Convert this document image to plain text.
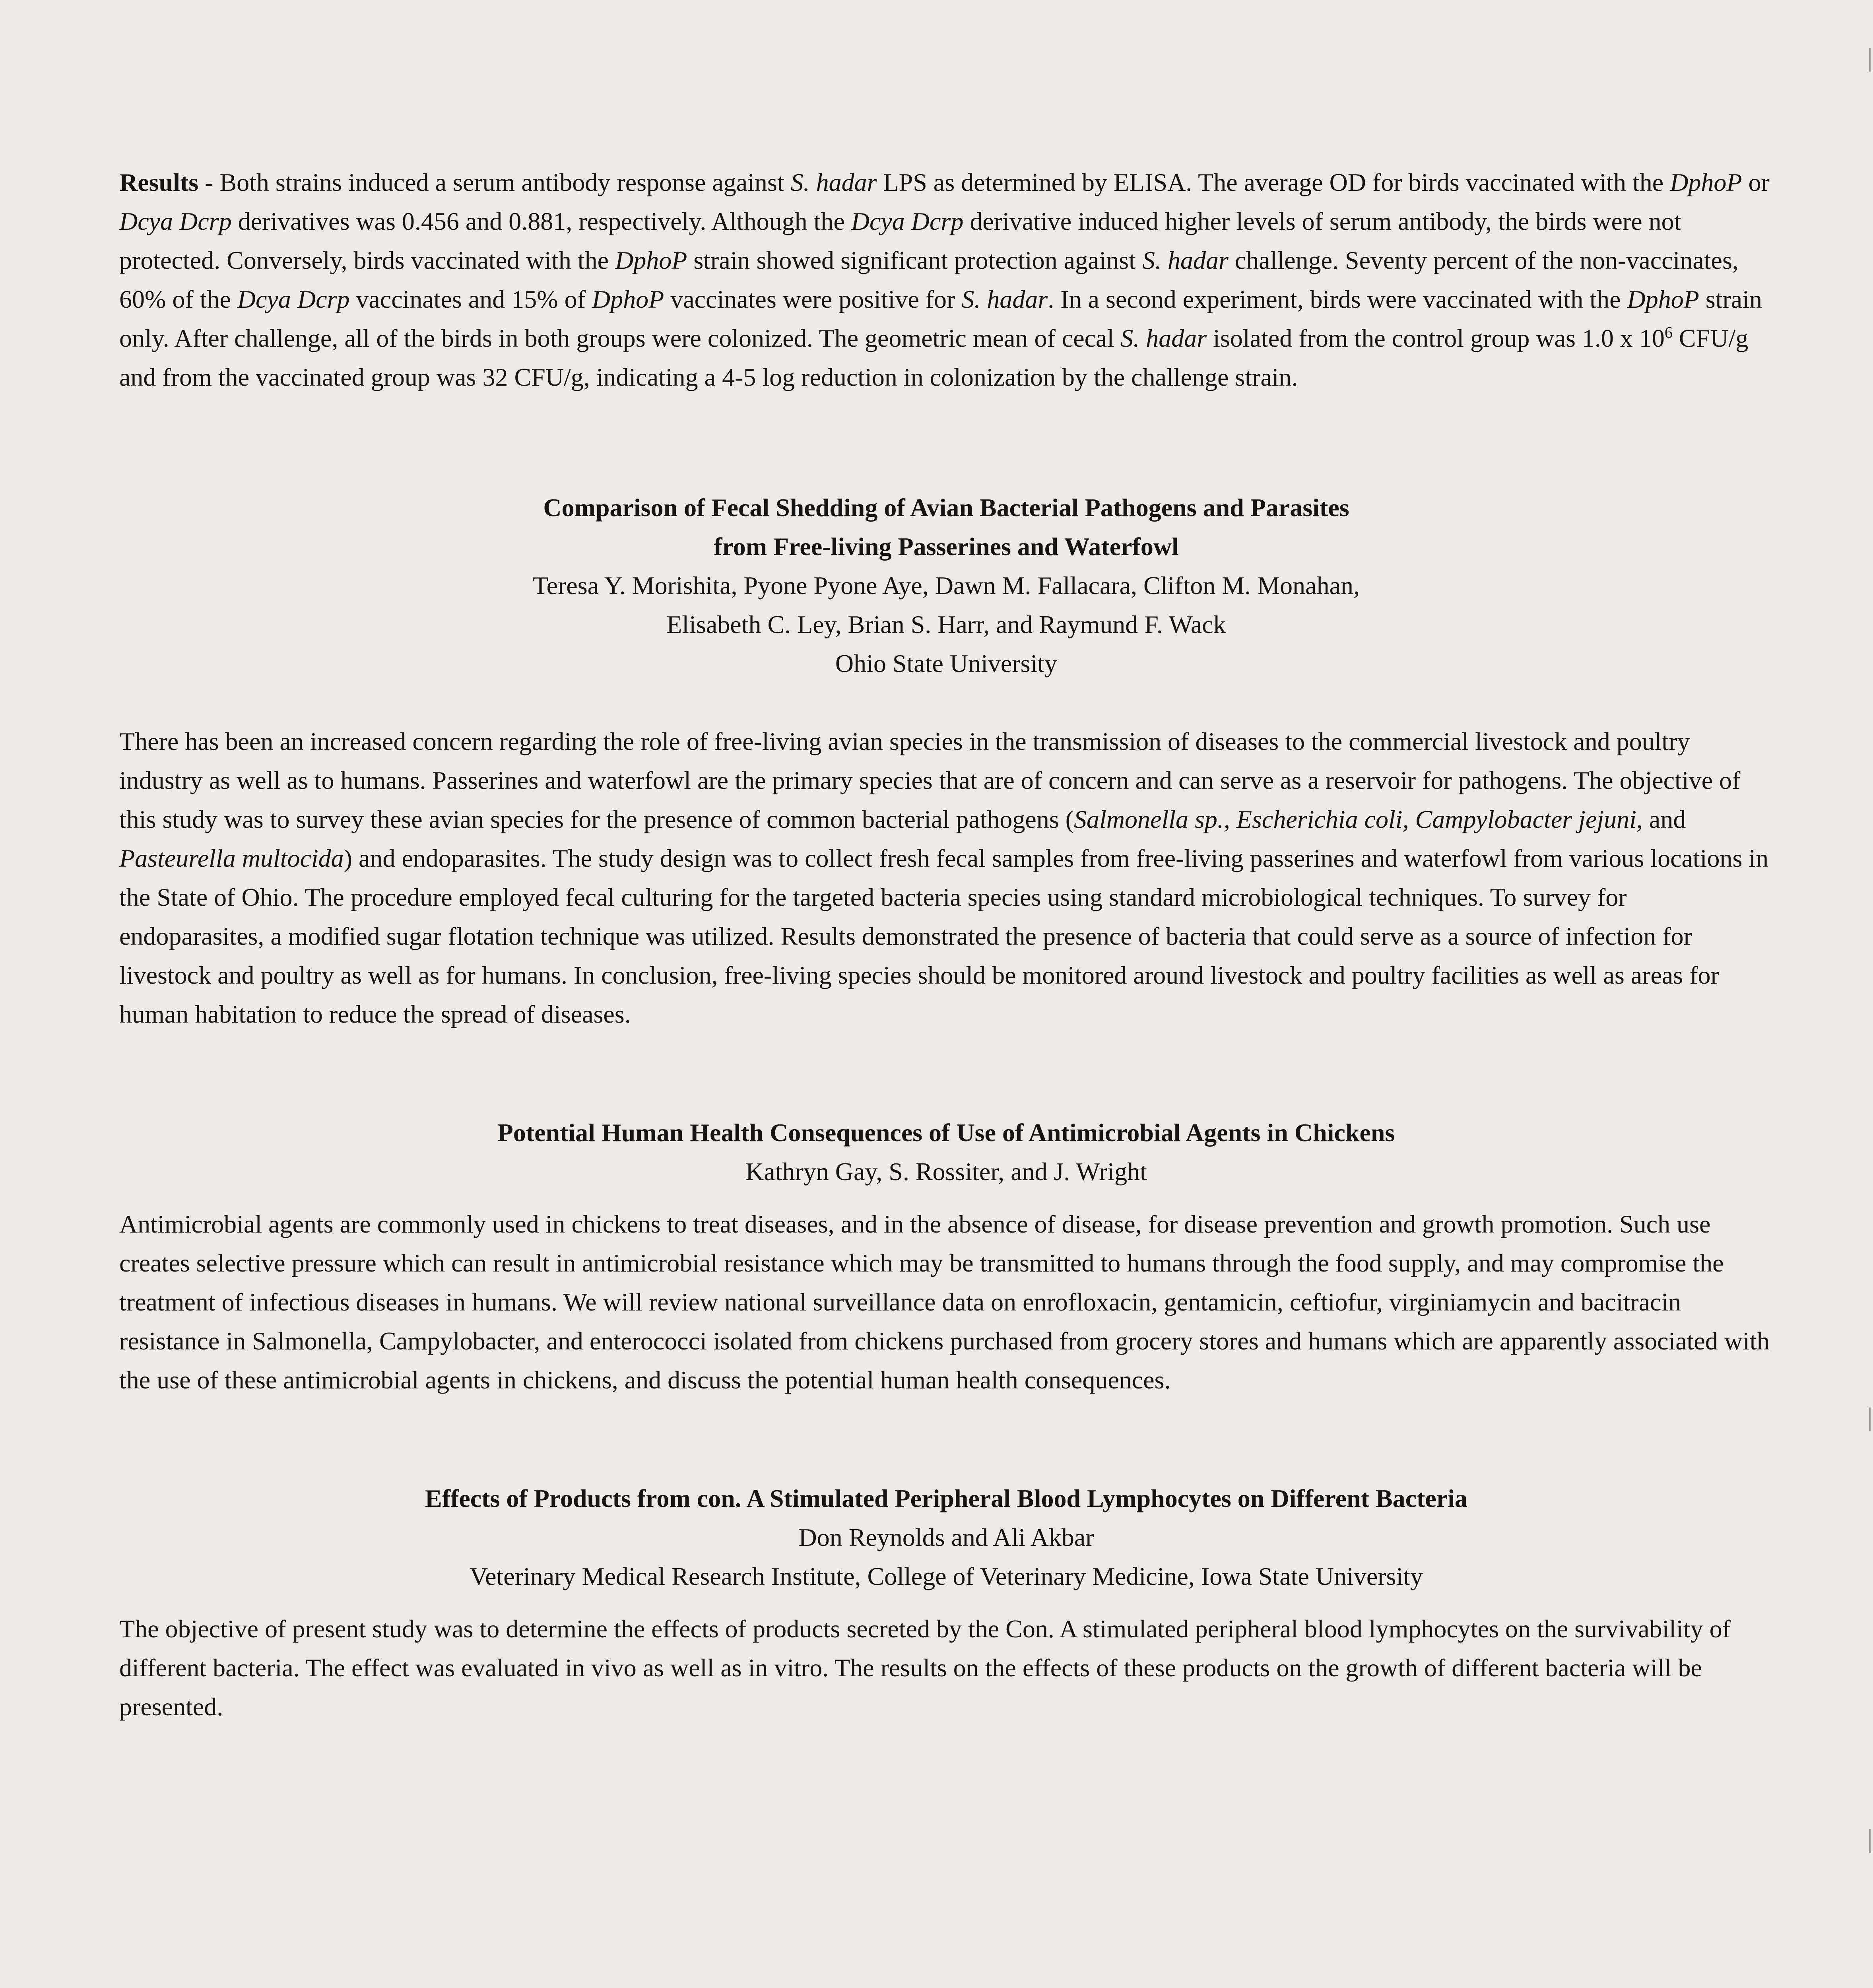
Results - Both strains induced a serum antibody response against S. hadar LPS as determined by ELISA. The average OD for birds vaccinated with the DphoP or Dcya Dcrp derivatives was 0.456 and 0.881, respectively. Although the Dcya Dcrp derivative induced higher levels of serum antibody, the birds were not protected. Conversely, birds vaccinated with the DphoP strain showed significant protection against S. hadar challenge. Seventy percent of the non-vaccinates, 60% of the Dcya Dcrp vaccinates and 15% of DphoP vaccinates were positive for S. hadar. In a second experiment, birds were vaccinated with the DphoP strain only. After challenge, all of the birds in both groups were colonized. The geometric mean of cecal S. hadar isolated from the control group was 1.0 x $10^6$ CFU/g and from the vaccinated group was 32 CFU/g, indicating a 4-5 log reduction in colonization by the challenge strain.

Comparison of Fecal Shedding of Avian Bacterial Pathogens and Parasites

from Free-living Passerines and Waterfowl

Teresa Y. Morishita, Pyone Pyone Aye, Dawn M. Fallacara, Clifton M. Monahan,

Elisabeth C. Ley, Brian S. Harr, and Raymund F. Wack

Ohio State University

There has been an increased concern regarding the role of free-living avian species in the transmission of diseases to the commercial livestock and poultry industry as well as to humans. Passerines and waterfowl are the primary species that are of concern and can serve as a reservoir for pathogens. The objective of this study was to survey these avian species for the presence of common bacterial pathogens (Salmonella sp., Escherichia coli, Campylobacter jejuni, and Pasteurella multocida) and endoparasites. The study design was to collect fresh fecal samples from free-living passerines and waterfowl from various locations in the State of Ohio. The procedure employed fecal culturing for the targeted bacteria species using standard microbiological techniques. To survey for endoparasites, a modified sugar flotation technique was utilized. Results demonstrated the presence of bacteria that could serve as a source of infection for livestock and poultry as well as for humans. In conclusion, free-living species should be monitored around livestock and poultry facilities as well as areas for human habitation to reduce the spread of diseases.

Potential Human Health Consequences of Use of Antimicrobial Agents in Chickens

Kathryn Gay, S. Rossiter, and J. Wright

Antimicrobial agents are commonly used in chickens to treat diseases, and in the absence of disease, for disease prevention and growth promotion. Such use creates selective pressure which can result in antimicrobial resistance which may be transmitted to humans through the food supply, and may compromise the treatment of infectious diseases in humans. We will review national surveillance data on enrofloxacin, gentamicin, ceftiofur, virginiamycin and bacitracin resistance in Salmonella, Campylobacter, and enterococci isolated from chickens purchased from grocery stores and humans which are apparently associated with the use of these antimicrobial agents in chickens, and discuss the potential human health consequences.

Effects of Products from con. A Stimulated Peripheral Blood Lymphocytes on Different Bacteria

Don Reynolds and Ali Akbar

Veterinary Medical Research Institute, College of Veterinary Medicine, Iowa State University

The objective of present study was to determine the effects of products secreted by the Con. A stimulated peripheral blood lymphocytes on the survivability of different bacteria. The effect was evaluated in vivo as well as in vitro. The results on the effects of these products on the growth of different bacteria will be presented.
